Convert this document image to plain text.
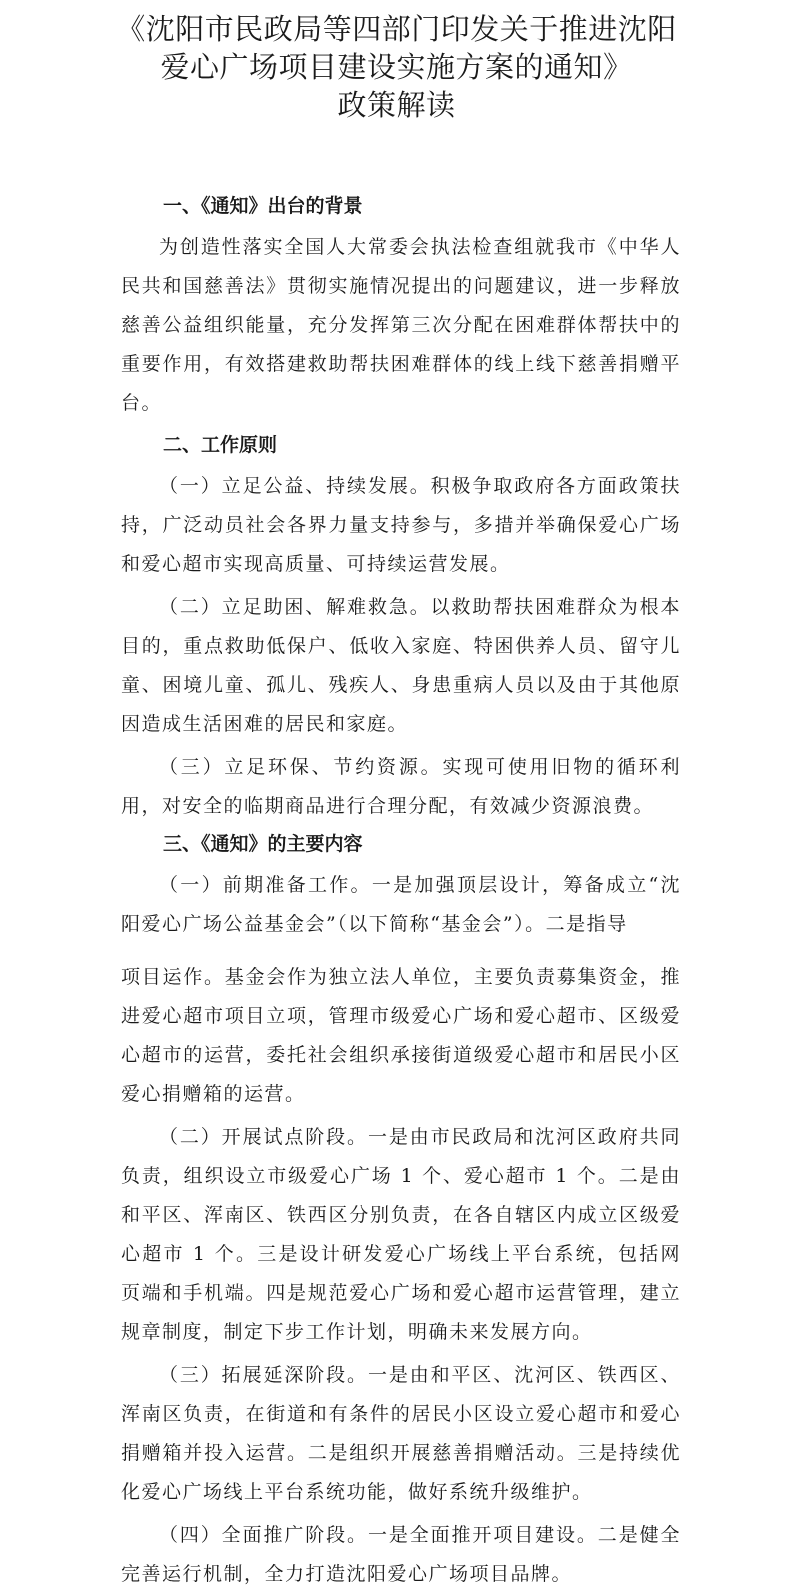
《沈阳市民政局等四部门印发关于推进沈阳
爱心广场项目建设实施方案的通知》
政策解读
一、《通知》出台的背景

为创造性落实全国人大常委会执法检查组就我市《中华人民共和国慈善法》贯彻实施情况提出的问题建议，进一步释放慈善公益组织能量，充分发挥第三次分配在困难群体帮扶中的重要作用，有效搭建救助帮扶困难群体的线上线下慈善捐赠平台。

二、工作原则

（一）立足公益、持续发展。积极争取政府各方面政策扶持，广泛动员社会各界力量支持参与，多措并举确保爱心广场和爱心超市实现高质量、可持续运营发展。

（二）立足助困、解难救急。以救助帮扶困难群众为根本目的，重点救助低保户、低收入家庭、特困供养人员、留守儿童、困境儿童、孤儿、残疾人、身患重病人员以及由于其他原因造成生活困难的居民和家庭。

（三）立足环保、节约资源。实现可使用旧物的循环利用，对安全的临期商品进行合理分配，有效减少资源浪费。

三、《通知》的主要内容

（一）前期准备工作。一是加强顶层设计，筹备成立“沈阳爱心广场公益基金会”（以下简称“基金会”）。二是指导

项目运作。基金会作为独立法人单位，主要负责募集资金，推进爱心超市项目立项，管理市级爱心广场和爱心超市、区级爱心超市的运营，委托社会组织承接街道级爱心超市和居民小区爱心捐赠箱的运营。

（二）开展试点阶段。一是由市民政局和沈河区政府共同负责，组织设立市级爱心广场 1 个、爱心超市 1 个。二是由和平区、浑南区、铁西区分别负责，在各自辖区内成立区级爱心超市 1 个。三是设计研发爱心广场线上平台系统，包括网页端和手机端。四是规范爱心广场和爱心超市运营管理，建立规章制度，制定下步工作计划，明确未来发展方向。

（三）拓展延深阶段。一是由和平区、沈河区、铁西区、浑南区负责，在街道和有条件的居民小区设立爱心超市和爱心捐赠箱并投入运营。二是组织开展慈善捐赠活动。三是持续优化爱心广场线上平台系统功能，做好系统升级维护。

（四）全面推广阶段。一是全面推开项目建设。二是健全完善运行机制，全力打造沈阳爱心广场项目品牌。
